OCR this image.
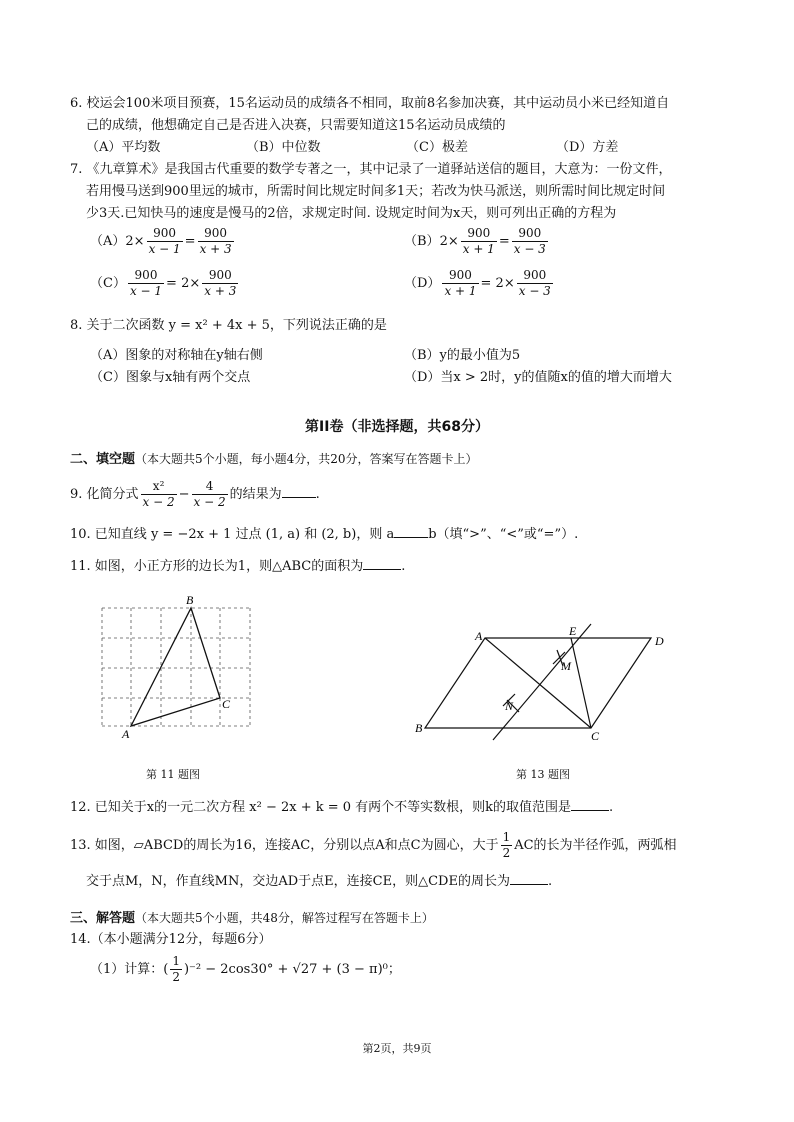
6. 校运会100米项目预赛，15名运动员的成绩各不相同，取前8名参加决赛，其中运动员小米已经知道自
己的成绩，他想确定自己是否进入决赛，只需要知道这15名运动员成绩的
（A）平均数	（B）中位数	（C）极差	（D）方差
7. 《九章算术》是我国古代重要的数学专著之一，其中记录了一道驿站送信的题目，大意为：一份文件，
若用慢马送到900里远的城市，所需时间比规定时间多1天；若改为快马派送，则所需时间比规定时间
少3天.已知快马的速度是慢马的2倍，求规定时间. 设规定时间为x天，则可列出正确的方程为
$(A)2\times \frac{900}{x - 1} = \frac{900}{x + 3}$	$(B)2\times \frac{900}{x + 1} = \frac{900}{x - 3}$
$(C) \frac{900}{x - 1} = 2\times \frac{900}{x + 3}$	$(D) \frac{900}{x + 1} = 2\times \frac{900}{x - 3}$
8. 关于二次函数 y = x² + 4x + 5，下列说法正确的是
（A）图象的对称轴在y轴右侧	（B）y的最小值为5
（C）图象与x轴有两个交点	（D）当x > 2时，y的值随x的值的增大而增大
第II卷（非选择题，共68分）
二、填空题（本大题共5个小题，每小题4分，共20分，答案写在答题卡上）
9. 化简分式 $\frac{\text{x²}}{x - 2} - \frac{4}{x - 2}$ 的结果为	.
10. 已知直线 y = −2x + 1 过点 (1, a) 和 (2, b)，则 a	b（填“>”、“<”或“=”）.
11. 如图，小正方形的边长为1，则△ABC的面积为	.
B
C
A
A	E
D
M
N
B
C
第 11 题图	第 13 题图
12. 已知关于x的一元二次方程 x² − 2x + k = 0 有两个不等实数根，则k的取值范围是	.
13. 如图，▱ABCD的周长为16，连接AC，分别以点A和点C为圆心，大于 $\frac{1}{2}$ AC的长为半径作弧，两弧相
交于点M，N，作直线MN，交边AD于点E，连接CE，则△CDE的周长为	.
三、解答题（本大题共5个小题，共48分，解答过程写在答题卡上）
14.（本小题满分12分，每题6分）
（1）计算：( $\frac{1}{2} )^{-2} - 2\cos 30^\circ + √27 + (3 - \pi)^0$；
第2页，共9页
